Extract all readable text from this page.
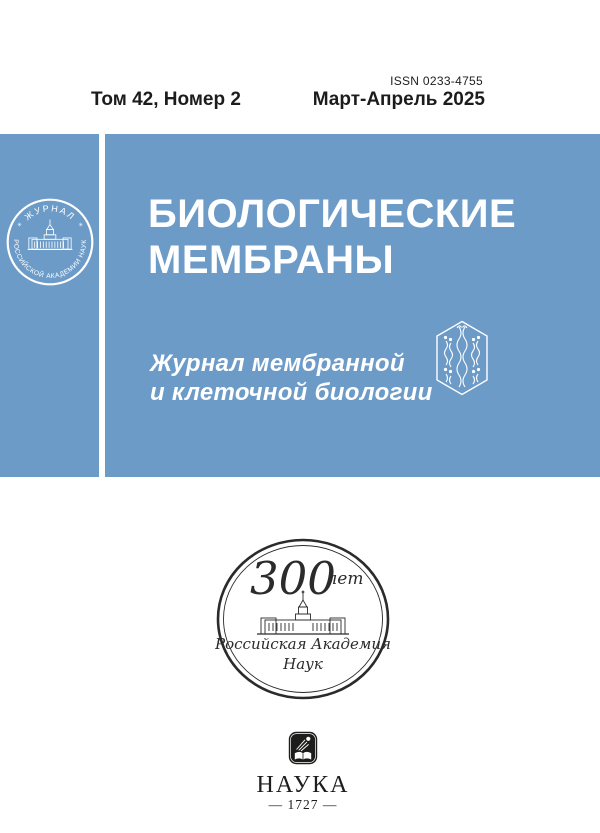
ISSN 0233-4755
Том 42, Номер 2	Март-Апрель 2025
ЖУРНАЛ
РОССИЙСКОЙ АКАДЕМИИ НАУК
✳	✳ БИОЛОГИЧЕСКИЕ
МЕМБРАНЫ
Журнал мембранной
и клеточной биологии
300
лет
Российская Академия
Наук
НАУКА
— 1727 —
